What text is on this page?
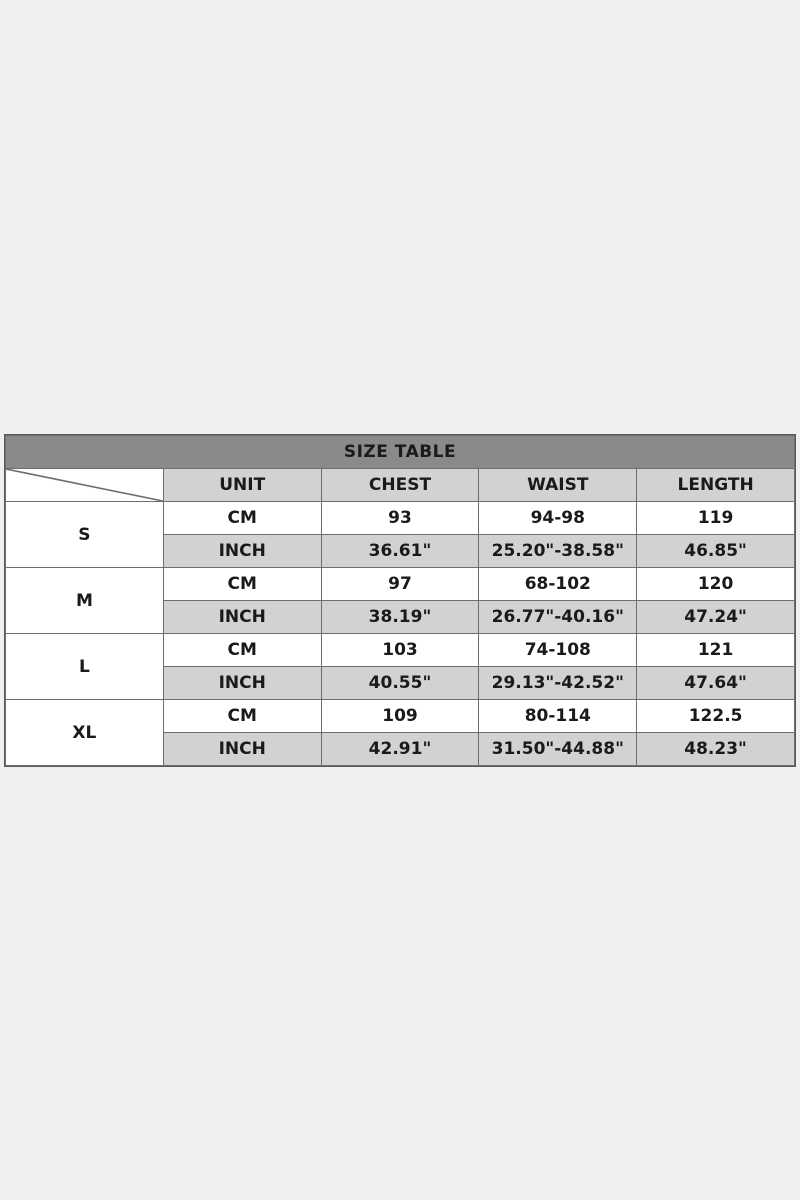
SIZE TABLE				

	UNIT	CHEST	WAIST	LENGTH
S	CM	93	94-98	119
	INCH	36.61"	25.20"-38.58"	46.85"
M	CM	97	68-102	120
	INCH	38.19"	26.77"-40.16"	47.24"
L	CM	103	74-108	121
	INCH	40.55"	29.13"-42.52"	47.64"
XL	CM	109	80-114	122.5
	INCH	42.91"	31.50"-44.88"	48.23"
